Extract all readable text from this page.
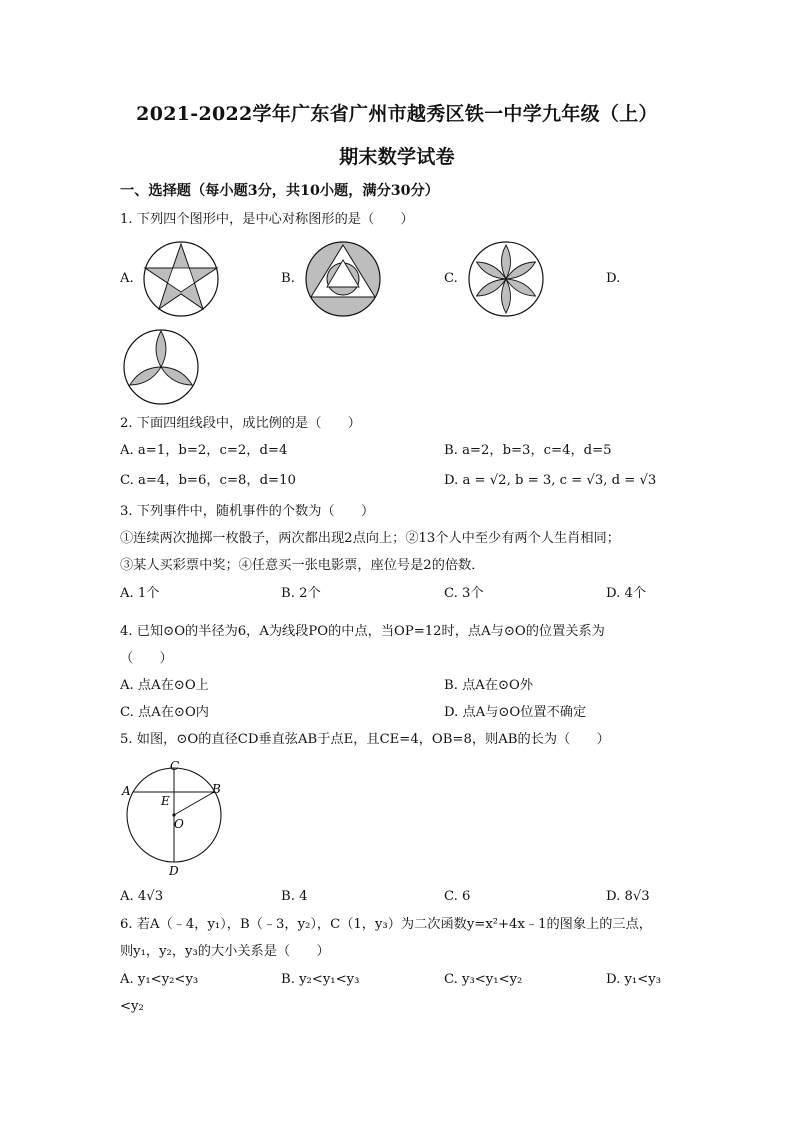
2021-2022学年广东省广州市越秀区铁一中学九年级（上）
期末数学试卷
一、选择题（每小题3分，共10小题，满分30分）
1. 下列四个图形中，是中心对称图形的是（　　）
A.	B.	C.	D.
2. 下面四组线段中，成比例的是（　　）
A. a=1，b=2，c=2，d=4	B. a=2，b=3，c=4，d=5
C. a=4，b=6，c=8，d=10	D. a = √2, b = 3, c = √3, d = √3
3. 下列事件中，随机事件的个数为（　　）
①连续两次抛掷一枚骰子，两次都出现2点向上；②13个人中至少有两个人生肖相同；
③某人买彩票中奖；④任意买一张电影票，座位号是2的倍数．
A. 1个	B. 2个	C. 3个	D. 4个
4. 已知⊙O的半径为6，A为线段PO的中点，当OP=12时，点A与⊙O的位置关系为
（　　）
A. 点A在⊙O上	B. 点A在⊙O外
C. 点A在⊙O内	D. 点A与⊙O位置不确定
5. 如图，⊙O的直径CD垂直弦AB于点E，且CE=4，OB=8，则AB的长为（　　）
C
A	B
E
O
D
A. 4√3	B. 4	C. 6	D. 8√3
6. 若A（﹣4，y₁），B（﹣3，y₂），C（1，y₃）为二次函数y=x²+4x﹣1的图象上的三点，
则y₁，y₂，y₃的大小关系是（　　）
A. y₁<y₂<y₃	B. y₂<y₁<y₃	C. y₃<y₁<y₂	D. y₁<y₃
<y₂
